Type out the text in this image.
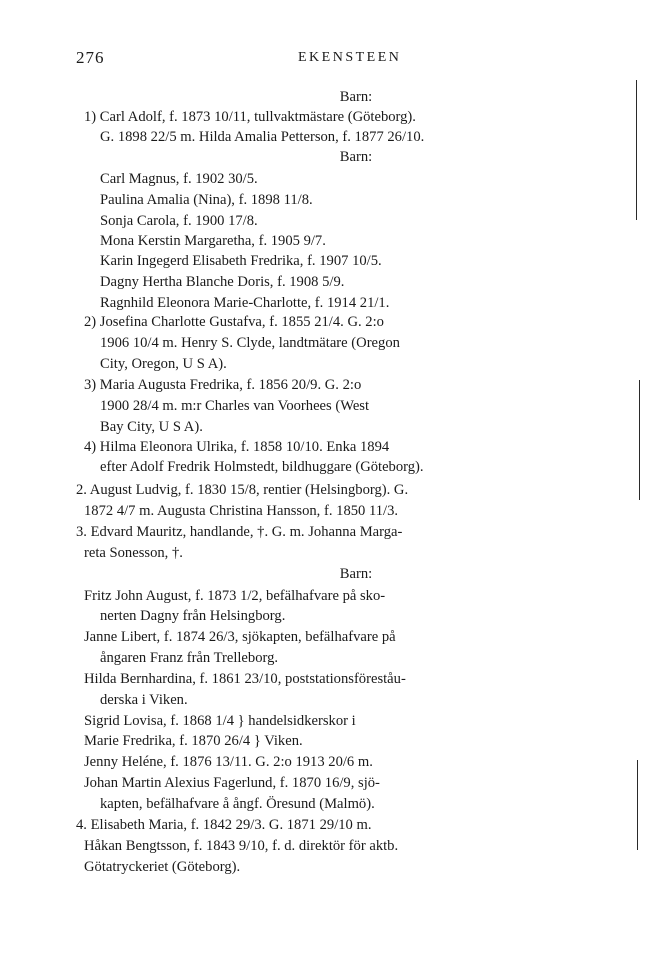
276	EKENSTEEN
Barn:
1) Carl Adolf, f. 1873 10/11, tullvaktmästare (Göteborg).
G. 1898 22/5 m. Hilda Amalia Petterson, f. 1877 26/10.
Barn:
Carl Magnus, f. 1902 30/5.
Paulina Amalia (Nina), f. 1898 11/8.
Sonja Carola, f. 1900 17/8.
Mona Kerstin Margaretha, f. 1905 9/7.
Karin Ingegerd Elisabeth Fredrika, f. 1907 10/5.
Dagny Hertha Blanche Doris, f. 1908 5/9.
Ragnhild Eleonora Marie-Charlotte, f. 1914 21/1.
2) Josefina Charlotte Gustafva, f. 1855 21/4. G. 2:o
1906 10/4 m. Henry S. Clyde, landtmätare (Oregon
City, Oregon, U S A).
3) Maria Augusta Fredrika, f. 1856 20/9. G. 2:o
1900 28/4 m. m:r Charles van Voorhees (West
Bay City, U S A).
4) Hilma Eleonora Ulrika, f. 1858 10/10. Enka 1894
efter Adolf Fredrik Holmstedt, bildhuggare (Göteborg).
2. August Ludvig, f. 1830 15/8, rentier (Helsingborg). G.
1872 4/7 m. Augusta Christina Hansson, f. 1850 11/3.
3. Edvard Mauritz, handlande, †. G. m. Johanna Marga-
reta Sonesson, †.
Barn:
Fritz John August, f. 1873 1/2, befälhafvare på sko-
nerten Dagny från Helsingborg.
Janne Libert, f. 1874 26/3, sjökapten, befälhafvare på
ångaren Franz från Trelleborg.
Hilda Bernhardina, f. 1861 23/10, poststationsföreståu-
derska i Viken.
Sigrid Lovisa, f. 1868 1/4 } handelsidkerskor i
Marie Fredrika, f. 1870 26/4 } Viken.
Jenny Heléne, f. 1876 13/11. G. 2:o 1913 20/6 m.
Johan Martin Alexius Fagerlund, f. 1870 16/9, sjö-
kapten, befälhafvare å ångf. Öresund (Malmö).
4. Elisabeth Maria, f. 1842 29/3. G. 1871 29/10 m.
Håkan Bengtsson, f. 1843 9/10, f. d. direktör för aktb.
Götatryckeriet (Göteborg).
